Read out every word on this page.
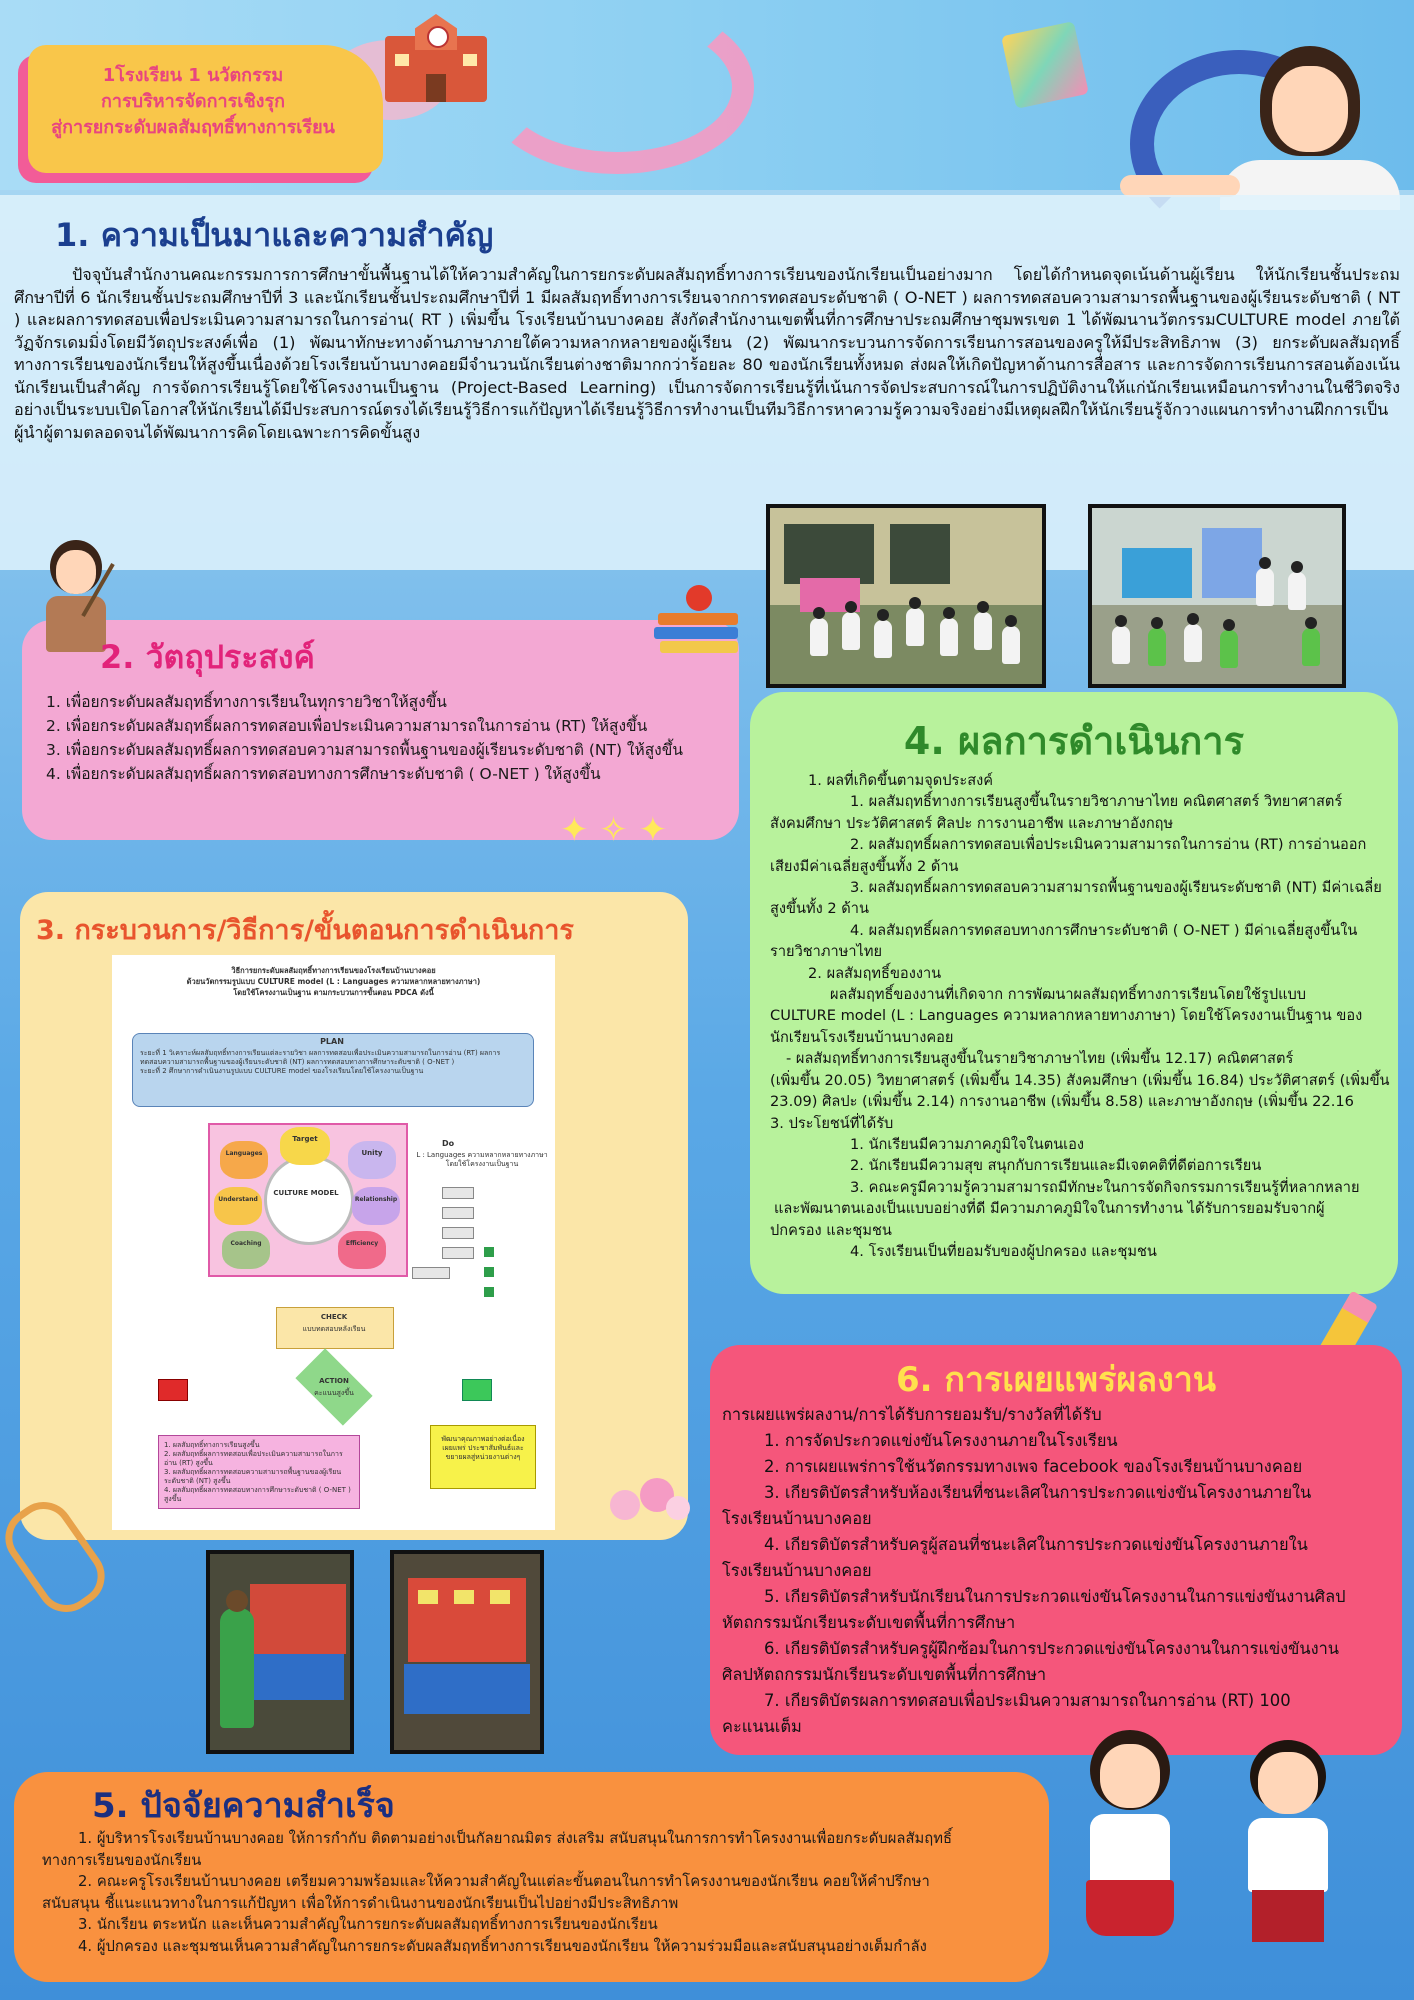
1โรงเรียน 1 นวัตกรรม
การบริหารจัดการเชิงรุก
สู่การยกระดับผลสัมฤทธิ์ทางการเรียน
1. ความเป็นมาและความสำคัญ
ปัจจุบันสำนักงานคณะกรรมการการศึกษาขั้นพื้นฐานได้ให้ความสำคัญในการยกระดับผลสัมฤทธิ์ทางการเรียนของนักเรียนเป็นอย่างมาก โดยได้กำหนดจุดเน้นด้านผู้เรียน ให้นักเรียนชั้นประถมศึกษาปีที่ 6 นักเรียนชั้นประถมศึกษาปีที่ 3 และนักเรียนชั้นประถมศึกษาปีที่ 1 มีผลสัมฤทธิ์ทางการเรียนจากการทดสอบระดับชาติ ( O-NET ) ผลการทดสอบความสามารถพื้นฐานของผู้เรียนระดับชาติ ( NT ) และผลการทดสอบเพื่อประเมินความสามารถในการอ่าน( RT ) เพิ่มขึ้น โรงเรียนบ้านบางคอย สังกัดสำนักงานเขตพื้นที่การศึกษาประถมศึกษาชุมพรเขต 1 ได้พัฒนานวัตกรรมCULTURE model ภายใต้วัฏจักรเดมมิ่งโดยมีวัตถุประสงค์เพื่อ (1) พัฒนาทักษะทางด้านภาษาภายใต้ความหลากหลายของผู้เรียน (2) พัฒนากระบวนการจัดการเรียนการสอนของครูให้มีประสิทธิภาพ (3) ยกระดับผลสัมฤทธิ์ทางการเรียนของนักเรียนให้สูงขึ้นเนื่องด้วยโรงเรียนบ้านบางคอยมีจำนวนนักเรียนต่างชาติมากกว่าร้อยละ 80 ของนักเรียนทั้งหมด ส่งผลให้เกิดปัญหาด้านการสื่อสาร และการจัดการเรียนการสอนต้องเน้นนักเรียนเป็นสำคัญ การจัดการเรียนรู้โดยใช้โครงงานเป็นฐาน (Project-Based Learning) เป็นการจัดการเรียนรู้ที่เน้นการจัดประสบการณ์ในการปฏิบัติงานให้แก่นักเรียนเหมือนการทำงานในชีวิตจริงอย่างเป็นระบบเปิดโอกาสให้นักเรียนได้มีประสบการณ์ตรงได้เรียนรู้วิธีการแก้ปัญหาได้เรียนรู้วิธีการทำงานเป็นทีมวิธีการหาความรู้ความจริงอย่างมีเหตุผลฝึกให้นักเรียนรู้จักวางแผนการทำงานฝึกการเป็นผู้นำผู้ตามตลอดจนได้พัฒนาการคิดโดยเฉพาะการคิดขั้นสูง
2. วัตถุประสงค์
1. เพื่อยกระดับผลสัมฤทธิ์ทางการเรียนในทุกรายวิชาให้สูงขึ้น
2. เพื่อยกระดับผลสัมฤทธิ์ผลการทดสอบเพื่อประเมินความสามารถในการอ่าน (RT) ให้สูงขึ้น
3. เพื่อยกระดับผลสัมฤทธิ์ผลการทดสอบความสามารถพื้นฐานของผู้เรียนระดับชาติ (NT) ให้สูงขึ้น
4. เพื่อยกระดับผลสัมฤทธิ์ผลการทดสอบทางการศึกษาระดับชาติ ( O-NET ) ให้สูงขึ้น
✦ ✧ ✦
3. กระบวนการ/วิธีการ/ขั้นตอนการดำเนินการ
วิธีการยกระดับผลสัมฤทธิ์ทางการเรียนของโรงเรียนบ้านบางคอย
ด้วยนวัตกรรมรูปแบบ CULTURE model (L : Languages ความหลากหลายทางภาษา)
โดยใช้โครงงานเป็นฐาน ตามกระบวนการขั้นตอน PDCA ดังนี้
PLAN
ระยะที่ 1 วิเคราะห์ผลสัมฤทธิ์ทางการเรียนแต่ละรายวิชา ผลการทดสอบเพื่อประเมินความสามารถในการอ่าน (RT) ผลการ
ทดสอบความสามารถพื้นฐานของผู้เรียนระดับชาติ (NT) ผลการทดสอบทางการศึกษาระดับชาติ ( O-NET )
ระยะที่ 2 ศึกษาการดำเนินงานรูปแบบ CULTURE model ของโรงเรียนโดยใช้โครงงานเป็นฐาน
CULTURE MODEL
Target
Unity
Relationship
Efficiency
Coaching
Understand
Languages
Do
L : Languages ความหลากหลายทางภาษา
โดยใช้โครงงานเป็นฐาน
CHECK
แบบทดสอบหลังเรียน
ACTION
คะแนนสูงขึ้น
1. ผลสัมฤทธิ์ทางการเรียนสูงขึ้น
2. ผลสัมฤทธิ์ผลการทดสอบเพื่อประเมินความสามารถในการอ่าน (RT) สูงขึ้น
3. ผลสัมฤทธิ์ผลการทดสอบความสามารถพื้นฐานของผู้เรียนระดับชาติ (NT) สูงขึ้น
4. ผลสัมฤทธิ์ผลการทดสอบทางการศึกษาระดับชาติ ( O-NET ) สูงขึ้น
พัฒนาคุณภาพอย่างต่อเนื่อง
เผยแพร่ ประชาสัมพันธ์และ
ขยายผลสู่หน่วยงานต่างๆ
4. ผลการดำเนินการ

1. ผลที่เกิดขึ้นตามจุดประสงค์

1. ผลสัมฤทธิ์ทางการเรียนสูงขึ้นในรายวิชาภาษาไทย คณิตศาสตร์ วิทยาศาสตร์

สังคมศึกษา ประวัติศาสตร์ ศิลปะ การงานอาชีพ และภาษาอังกฤษ

2. ผลสัมฤทธิ์ผลการทดสอบเพื่อประเมินความสามารถในการอ่าน (RT) การอ่านออก

เสียงมีค่าเฉลี่ยสูงขึ้นทั้ง 2 ด้าน

3. ผลสัมฤทธิ์ผลการทดสอบความสามารถพื้นฐานของผู้เรียนระดับชาติ (NT) มีค่าเฉลี่ย

สูงขึ้นทั้ง 2 ด้าน

4. ผลสัมฤทธิ์ผลการทดสอบทางการศึกษาระดับชาติ ( O-NET ) มีค่าเฉลี่ยสูงขึ้นใน

รายวิชาภาษาไทย

2. ผลสัมฤทธิ์ของงาน

ผลสัมฤทธิ์ของงานที่เกิดจาก การพัฒนาผลสัมฤทธิ์ทางการเรียนโดยใช้รูปแบบ

CULTURE model (L : Languages ความหลากหลายทางภาษา) โดยใช้โครงงานเป็นฐาน ของ

นักเรียนโรงเรียนบ้านบางคอย

- ผลสัมฤทธิ์ทางการเรียนสูงขึ้นในรายวิชาภาษาไทย (เพิ่มขึ้น 12.17) คณิตศาสตร์

(เพิ่มขึ้น 20.05) วิทยาศาสตร์ (เพิ่มขึ้น 14.35) สังคมศึกษา (เพิ่มขึ้น 16.84) ประวัติศาสตร์ (เพิ่มขึ้น

23.09) ศิลปะ (เพิ่มขึ้น 2.14) การงานอาชีพ (เพิ่มขึ้น 8.58) และภาษาอังกฤษ (เพิ่มขึ้น 22.16

3. ประโยชน์ที่ได้รับ

1. นักเรียนมีความภาคภูมิใจในตนเอง

2. นักเรียนมีความสุข สนุกกับการเรียนและมีเจตคติที่ดีต่อการเรียน

3. คณะครูมีความรู้ความสามารถมีทักษะในการจัดกิจกรรมการเรียนรู้ที่หลากหลาย

และพัฒนาตนเองเป็นแบบอย่างที่ดี มีความภาคภูมิใจในการทำงาน ได้รับการยอมรับจากผู้

ปกครอง และชุมชน

4. โรงเรียนเป็นที่ยอมรับของผู้ปกครอง และชุมชน

6. การเผยแพร่ผลงาน

การเผยแพร่ผลงาน/การได้รับการยอมรับ/รางวัลที่ได้รับ

1. การจัดประกวดแข่งขันโครงงานภายในโรงเรียน

2. การเผยแพร่การใช้นวัตกรรมทางเพจ facebook ของโรงเรียนบ้านบางคอย

3. เกียรติบัตรสำหรับห้องเรียนที่ชนะเลิศในการประกวดแข่งขันโครงงานภายใน

โรงเรียนบ้านบางคอย

4. เกียรติบัตรสำหรับครูผู้สอนที่ชนะเลิศในการประกวดแข่งขันโครงงานภายใน

โรงเรียนบ้านบางคอย

5. เกียรติบัตรสำหรับนักเรียนในการประกวดแข่งขันโครงงานในการแข่งขันงานศิลป

หัตถกรรมนักเรียนระดับเขตพื้นที่การศึกษา

6. เกียรติบัตรสำหรับครูผู้ฝึกซ้อมในการประกวดแข่งขันโครงงานในการแข่งขันงาน

ศิลปหัตถกรรมนักเรียนระดับเขตพื้นที่การศึกษา

7. เกียรติบัตรผลการทดสอบเพื่อประเมินความสามารถในการอ่าน (RT) 100

คะแนนเต็ม

5. ปัจจัยความสำเร็จ

1. ผู้บริหารโรงเรียนบ้านบางคอย ให้การกำกับ ติดตามอย่างเป็นกัลยาณมิตร ส่งเสริม สนับสนุนในการการทำโครงงานเพื่อยกระดับผลสัมฤทธิ์

ทางการเรียนของนักเรียน

2. คณะครูโรงเรียนบ้านบางคอย เตรียมความพร้อมและให้ความสำคัญในแต่ละขั้นตอนในการทำโครงงานของนักเรียน คอยให้คำปรึกษา

สนับสนุน ชี้แนะแนวทางในการแก้ปัญหา เพื่อให้การดำเนินงานของนักเรียนเป็นไปอย่างมีประสิทธิภาพ

3. นักเรียน ตระหนัก และเห็นความสำคัญในการยกระดับผลสัมฤทธิ์ทางการเรียนของนักเรียน

4. ผู้ปกครอง และชุมชนเห็นความสำคัญในการยกระดับผลสัมฤทธิ์ทางการเรียนของนักเรียน ให้ความร่วมมือและสนับสนุนอย่างเต็มกำลัง
